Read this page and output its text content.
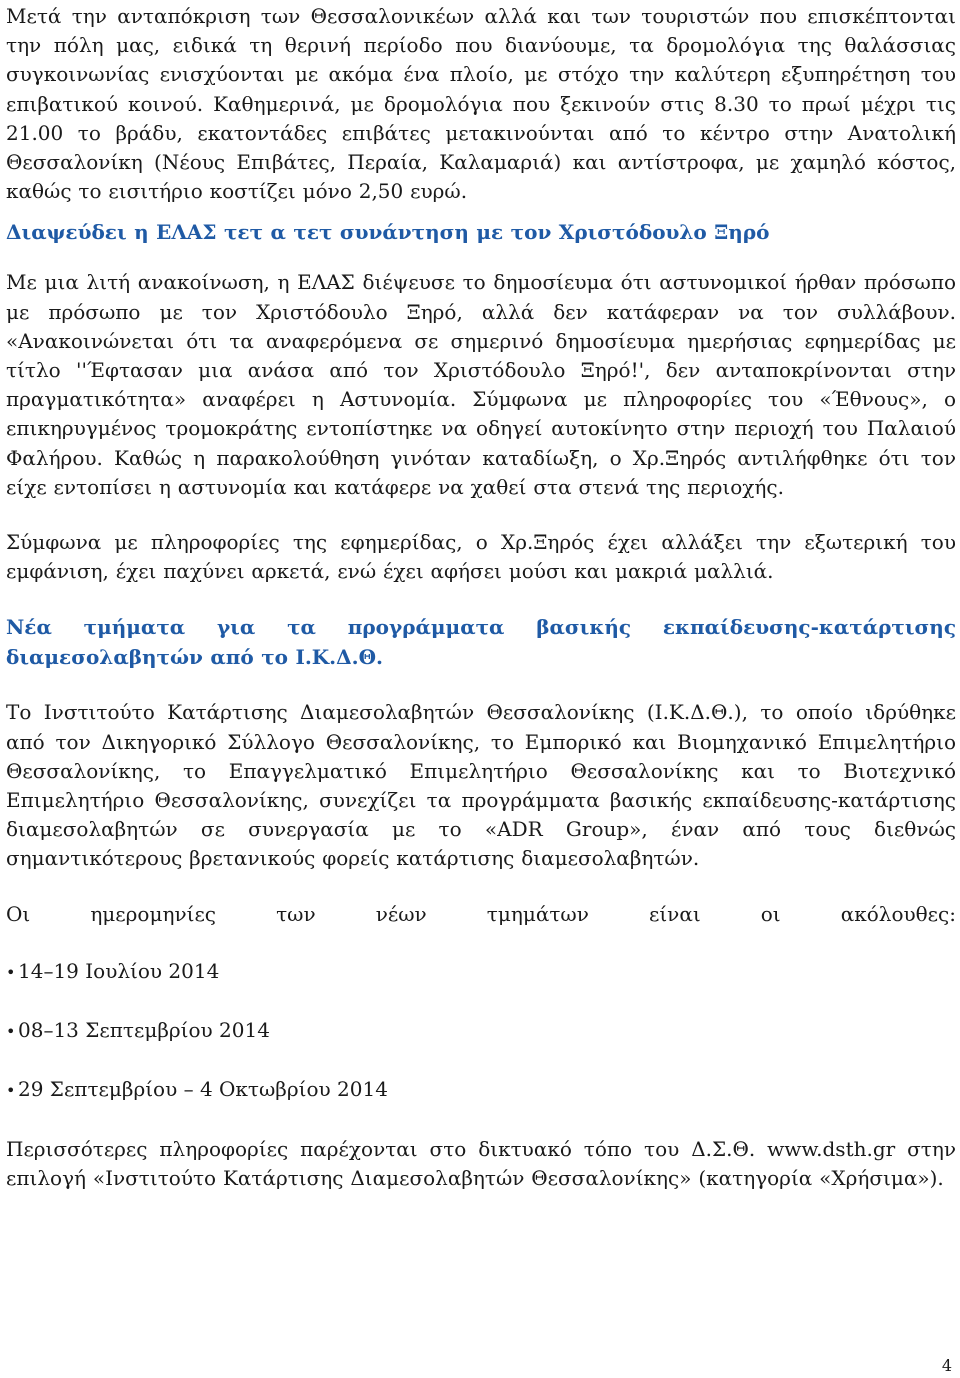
Μετά την ανταπόκριση των Θεσσαλονικέων αλλά και των τουριστών που επισκέπτονται την πόλη μας, ειδικά τη θερινή περίοδο που διανύουμε, τα δρομολόγια της θαλάσσιας συγκοινωνίας ενισχύονται με ακόμα ένα πλοίο, με στόχο την καλύτερη εξυπηρέτηση του επιβατικού κοινού. Καθημερινά, με δρομολόγια που ξεκινούν στις 8.30 το πρωί μέχρι τις 21.00 το βράδυ, εκατοντάδες επιβάτες μετακινούνται από το κέντρο στην Ανατολική Θεσσαλονίκη (Νέους Επιβάτες, Περαία, Καλαμαριά) και αντίστροφα, με χαμηλό κόστος, καθώς το εισιτήριο κοστίζει μόνο 2,50 ευρώ.

Διαψεύδει η ΕΛΑΣ τετ α τετ συνάντηση με τον Χριστόδουλο Ξηρό

Με μια λιτή ανακοίνωση, η ΕΛΑΣ διέψευσε το δημοσίευμα ότι αστυνομικοί ήρθαν πρόσωπο με πρόσωπο με τον Χριστόδουλο Ξηρό, αλλά δεν κατάφεραν να τον συλλάβουν. «Ανακοινώνεται ότι τα αναφερόμενα σε σημερινό δημοσίευμα ημερήσιας εφημερίδας με τίτλο ''Έφτασαν μια ανάσα από τον Χριστόδουλο Ξηρό!', δεν ανταποκρίνονται στην πραγματικότητα» αναφέρει η Αστυνομία. Σύμφωνα με πληροφορίες του «Έθνους», ο επικηρυγμένος τρομοκράτης εντοπίστηκε να οδηγεί αυτοκίνητο στην περιοχή του Παλαιού Φαλήρου. Καθώς η παρακολούθηση γινόταν καταδίωξη, ο Χρ.Ξηρός αντιλήφθηκε ότι τον είχε εντοπίσει η αστυνομία και κατάφερε να χαθεί στα στενά της περιοχής.

Σύμφωνα με πληροφορίες της εφημερίδας, ο Χρ.Ξηρός έχει αλλάξει την εξωτερική του εμφάνιση, έχει παχύνει αρκετά, ενώ έχει αφήσει μούσι και μακριά μαλλιά.

Νέα τμήματα για τα προγράμματα βασικής εκπαίδευσης-κατάρτισης διαμεσολαβητών από το Ι.Κ.Δ.Θ.

Το Ινστιτούτο Κατάρτισης Διαμεσολαβητών Θεσσαλονίκης (Ι.Κ.Δ.Θ.), το οποίο ιδρύθηκε από τον Δικηγορικό Σύλλογο Θεσσαλονίκης, το Εμπορικό και Βιομηχανικό Επιμελητήριο Θεσσαλονίκης, το Επαγγελματικό Επιμελητήριο Θεσσαλονίκης και το Βιοτεχνικό Επιμελητήριο Θεσσαλονίκης, συνεχίζει τα προγράμματα βασικής εκπαίδευσης-κατάρτισης διαμεσολαβητών σε συνεργασία με το «ADR Group», έναν από τους διεθνώς σημαντικότερους βρετανικούς φορείς κατάρτισης διαμεσολαβητών.

Οι ημερομηνίες των νέων τμημάτων είναι οι ακόλουθες:

• 14–19 Ιουλίου 2014
• 08–13 Σεπτεμβρίου 2014
• 29 Σεπτεμβρίου – 4 Οκτωβρίου 2014

Περισσότερες πληροφορίες παρέχονται στο δικτυακό τόπο του Δ.Σ.Θ. www.dsth.gr στην επιλογή «Ινστιτούτο Κατάρτισης Διαμεσολαβητών Θεσσαλονίκης» (κατηγορία «Χρήσιμα»).

4
